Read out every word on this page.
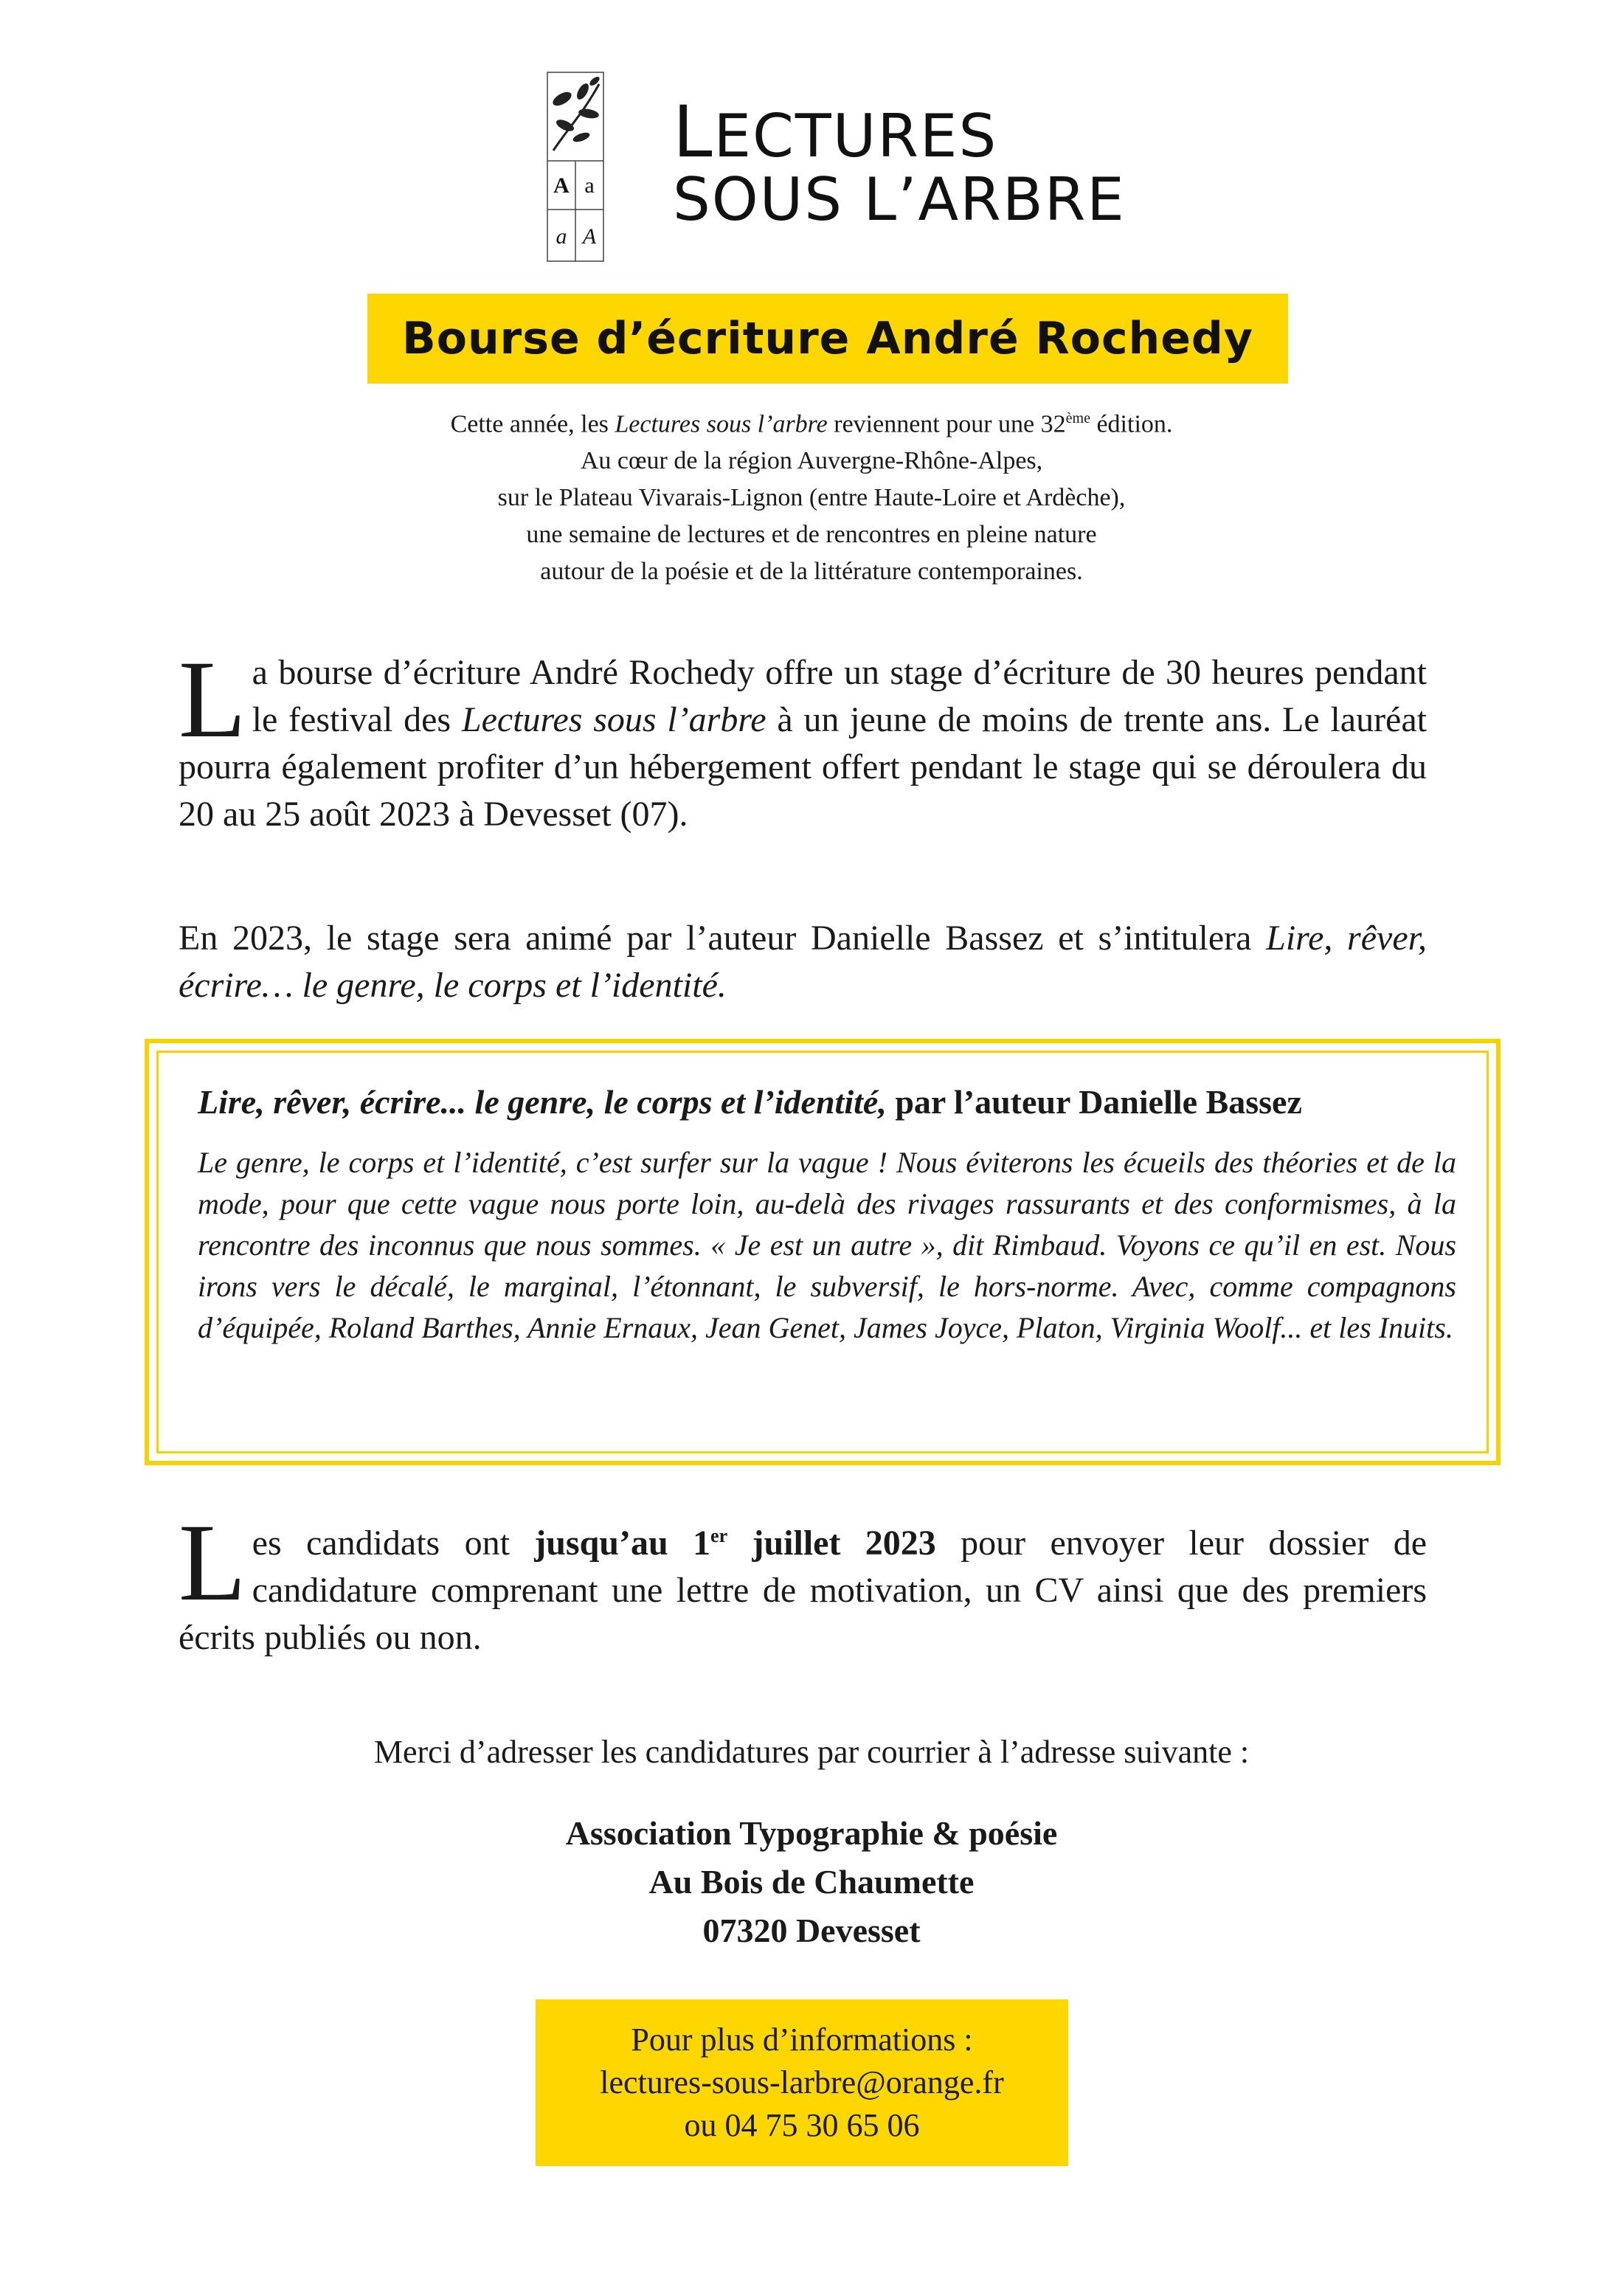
A a
a A
LECTURES
SOUS L’ARBRE
Bourse d’écriture André Rochedy
Cette année, les Lectures sous l’arbre reviennent pour une 32ème édition.
Au cœur de la région Auvergne-Rhône-Alpes,
sur le Plateau Vivarais-Lignon (entre Haute-Loire et Ardèche),
une semaine de lectures et de rencontres en pleine nature
autour de la poésie et de la littérature contemporaines.
La bourse d’écriture André Rochedy offre un stage d’écriture de 30 heures pendant le festival des Lectures sous l’arbre à un jeune de moins de trente ans. Le lauréat pourra également profiter d’un hébergement offert pendant le stage qui se déroulera du 20 au 25 août 2023 à Devesset (07).
En 2023, le stage sera animé par l’auteur Danielle Bassez et s’intitulera Lire, rêver, écrire… le genre, le corps et l’identité.
Lire, rêver, écrire... le genre, le corps et l’identité, par l’auteur Danielle Bassez
Le genre, le corps et l’identité, c’est surfer sur la vague ! Nous éviterons les écueils des théories et de la mode, pour que cette vague nous porte loin, au-delà des rivages rassurants et des conformismes, à la rencontre des inconnus que nous sommes. « Je est un autre », dit Rimbaud. Voyons ce qu’il en est. Nous irons vers le décalé, le marginal, l’étonnant, le subversif, le hors-norme. Avec, comme compagnons d’équipée, Roland Barthes, Annie Ernaux, Jean Genet, James Joyce, Platon, Virginia Woolf... et les Inuits.
Les candidats ont jusqu’au 1er juillet 2023 pour envoyer leur dossier de candidature comprenant une lettre de motivation, un CV ainsi que des premiers écrits publiés ou non.
Merci d’adresser les candidatures par courrier à l’adresse suivante :
Association Typographie & poésie
Au Bois de Chaumette
07320 Devesset
Pour plus d’informations :
lectures-sous-larbre@orange.fr
ou 04 75 30 65 06
